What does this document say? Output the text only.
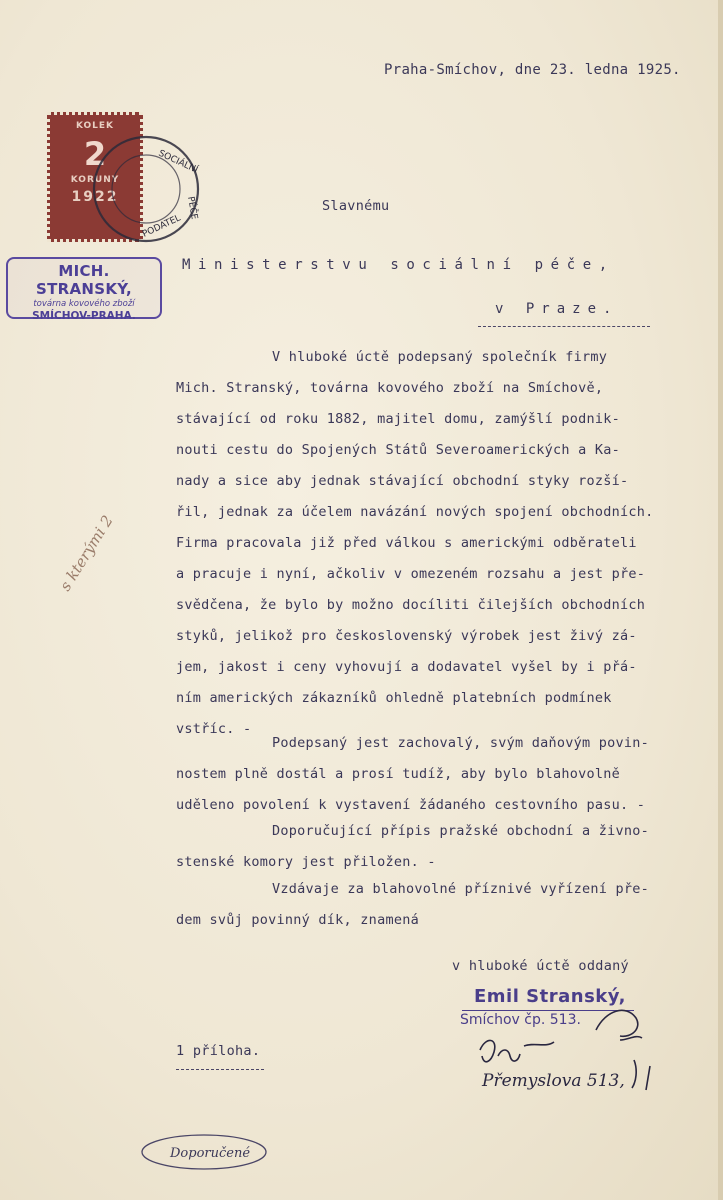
KOLEK
2
KORUNY
1922
SOCIÁLNÍ
PÉČE
PODATEL
MICH. STRANSKÝ,
továrna kovového zboží
SMÍCHOV-PRAHA.
Praha-Smíchov, dne 23. ledna 1925.
Slavnému
Ministerstvu sociální péče,
v Praze.
V hluboké úctě podepsaný společník firmy
Mich. Stranský, továrna kovového zboží na Smíchově,
stávající od roku 1882, majitel domu, zamýšlí podnik-
nouti cestu do Spojených Států Severoamerických a Ka-
nady a sice aby jednak stávající obchodní styky rozší-
řil, jednak za účelem navázání nových spojení obchodních.
Firma pracovala již před válkou s americkými odběrateli
a pracuje i nyní, ačkoliv v omezeném rozsahu a jest pře-
svědčena, že bylo by možno docíliti čilejších obchodních
styků, jelikož pro československý výrobek jest živý zá-
jem, jakost i ceny vyhovují a dodavatel vyšel by i přá-
ním amerických zákazníků ohledně platebních podmínek
vstříc. -
Podepsaný jest zachovalý, svým daňovým povin-
nostem plně dostál a prosí tudíž, aby bylo blahovolně
uděleno povolení k vystavení žádaného cestovního pasu. -
Doporučující přípis pražské obchodní a živno-
stenské komory jest přiložen. -
Vzdávaje za blahovolné příznivé vyřízení pře-
dem svůj povinný dík, znamená
v hluboké úctě oddaný
Emil Stranský,
Smíchov čp. 513.
1 příloha.
s kterými 2
Přemyslova 513,
Doporučené
